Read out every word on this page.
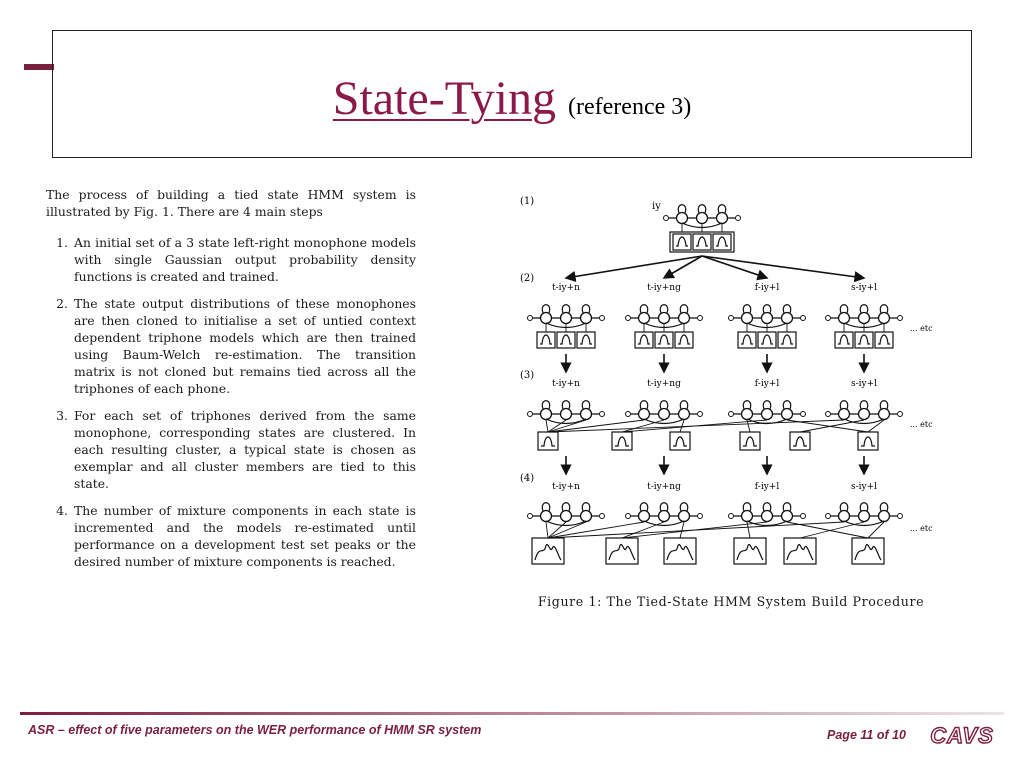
State-Tying (reference 3)

The process of building a tied state HMM system is illustrated by Fig. 1. There are 4 main steps

1. An initial set of a 3 state left-right monophone models with single Gaussian output probability density functions is created and trained.
2. The state output distributions of these monophones are then cloned to initialise a set of untied context dependent triphone models which are then trained using Baum-Welch re-estimation. The transition matrix is not cloned but remains tied across all the triphones of each phone.
3. For each set of triphones derived from the same monophone, corresponding states are clustered. In each resulting cluster, a typical state is chosen as exemplar and all cluster members are tied to this state.
4. The number of mixture components in each state is incremented and the models re-estimated until performance on a development test set peaks or the desired number of mixture components is reached.
(1)
(2)
(3)
(4)
iy
t-iy+n	t-iy+ng	f-iy+l	s-iy+l
t-iy+n	t-iy+ng	f-iy+l	s-iy+l
t-iy+n	t-iy+ng	f-iy+l	s-iy+l
... etc
... etc
... etc
Figure 1: The Tied-State HMM System Build Procedure
ASR – effect of five parameters on the WER performance of HMM SR system	Page 11 of 10 CAVS
